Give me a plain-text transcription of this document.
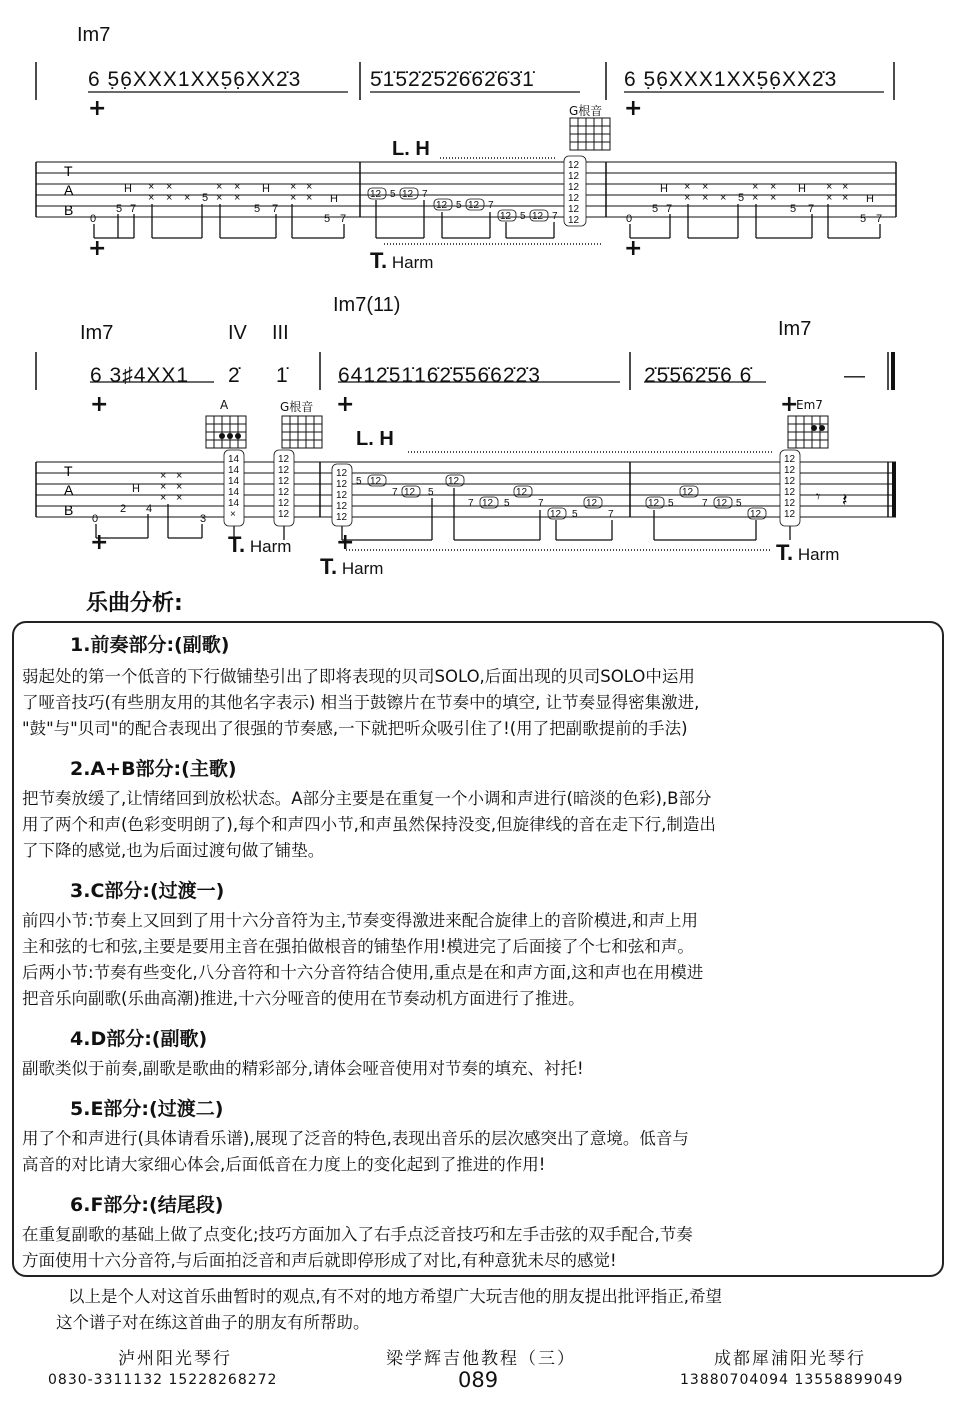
Im7
6 5̣6̣XXX1XX5̣6̣XX2̇3	5̇1̇5̇2̇2̇5̇2̇6̇6̇2̇6̇3̇1̇	6 5̣6̣XXX1XX5̣6̣XX2̇3
+	+
G根音
L. H
T. Harm
+	+
T
A
B
0
5 7
H × ×
× × × 5
× ×
× ×
5 7
H × ×
× ×
5 7
H
0
5 7
H × ×
× × × 5
× ×
× ×
5 7
H × ×
× ×
5 7
H
12 5 12 7
12 5 12 7
12 5 12 7
12
12
12
12
12
12
Im7(11)
Im7	IV III	Im7
6 3♯4XX1 2̇ 1̇ 6412̇51̇16̇2̇5̇56̇62̇2̇3	2̇5̇5̇6̇2̇5̇6 6̇	—
+	+	+
A	G根音	Em7
L. H
T. Harm
T. Harm
T. Harm
+	+
T
A
B
0
2 4
H
× ×
× ×
× ×
3
14
14
14
14
14
×
12
12
12
12
12
12
12
12
12
12
12
5 12
7 12 5
12
7 12 5
12
7
12 5
12
7
12 5
12
7 12 5
12
12
12
12
12
12
12
𝄾 𝄽
乐曲分析:
1.前奏部分:(副歌)
弱起处的第一个低音的下行做铺垫引出了即将表现的贝司SOLO,后面出现的贝司SOLO中运用
了哑音技巧(有些朋友用的其他名字表示) 相当于鼓镲片在节奏中的填空, 让节奏显得密集激进,
"鼓"与"贝司"的配合表现出了很强的节奏感,一下就把听众吸引住了!(用了把副歌提前的手法)
2.A+B部分:(主歌)
把节奏放缓了,让情绪回到放松状态。A部分主要是在重复一个小调和声进行(暗淡的色彩),B部分
用了两个和声(色彩变明朗了),每个和声四小节,和声虽然保持没变,但旋律线的音在走下行,制造出
了下降的感觉,也为后面过渡句做了铺垫。
3.C部分:(过渡一)
前四小节:节奏上又回到了用十六分音符为主,节奏变得激进来配合旋律上的音阶模进,和声上用
主和弦的七和弦,主要是要用主音在强拍做根音的铺垫作用!模进完了后面接了个七和弦和声。
后两小节:节奏有些变化,八分音符和十六分音符结合使用,重点是在和声方面,这和声也在用模进
把音乐向副歌(乐曲高潮)推进,十六分哑音的使用在节奏动机方面进行了推进。
4.D部分:(副歌)
副歌类似于前奏,副歌是歌曲的精彩部分,请体会哑音使用对节奏的填充、衬托!
5.E部分:(过渡二)
用了个和声进行(具体请看乐谱),展现了泛音的特色,表现出音乐的层次感突出了意境。低音与
高音的对比请大家细心体会,后面低音在力度上的变化起到了推进的作用!
6.F部分:(结尾段)
在重复副歌的基础上做了点变化;技巧方面加入了右手点泛音技巧和左手击弦的双手配合,节奏
方面使用十六分音符,与后面拍泛音和声后就即停形成了对比,有种意犹未尽的感觉!
以上是个人对这首乐曲暂时的观点,有不对的地方希望广大玩吉他的朋友提出批评指正,希望
这个谱子对在练这首曲子的朋友有所帮助。
泸州阳光琴行
0830-3311132 15228268272
梁学辉吉他教程（三）
089
成都犀浦阳光琴行
13880704094 13558899049
